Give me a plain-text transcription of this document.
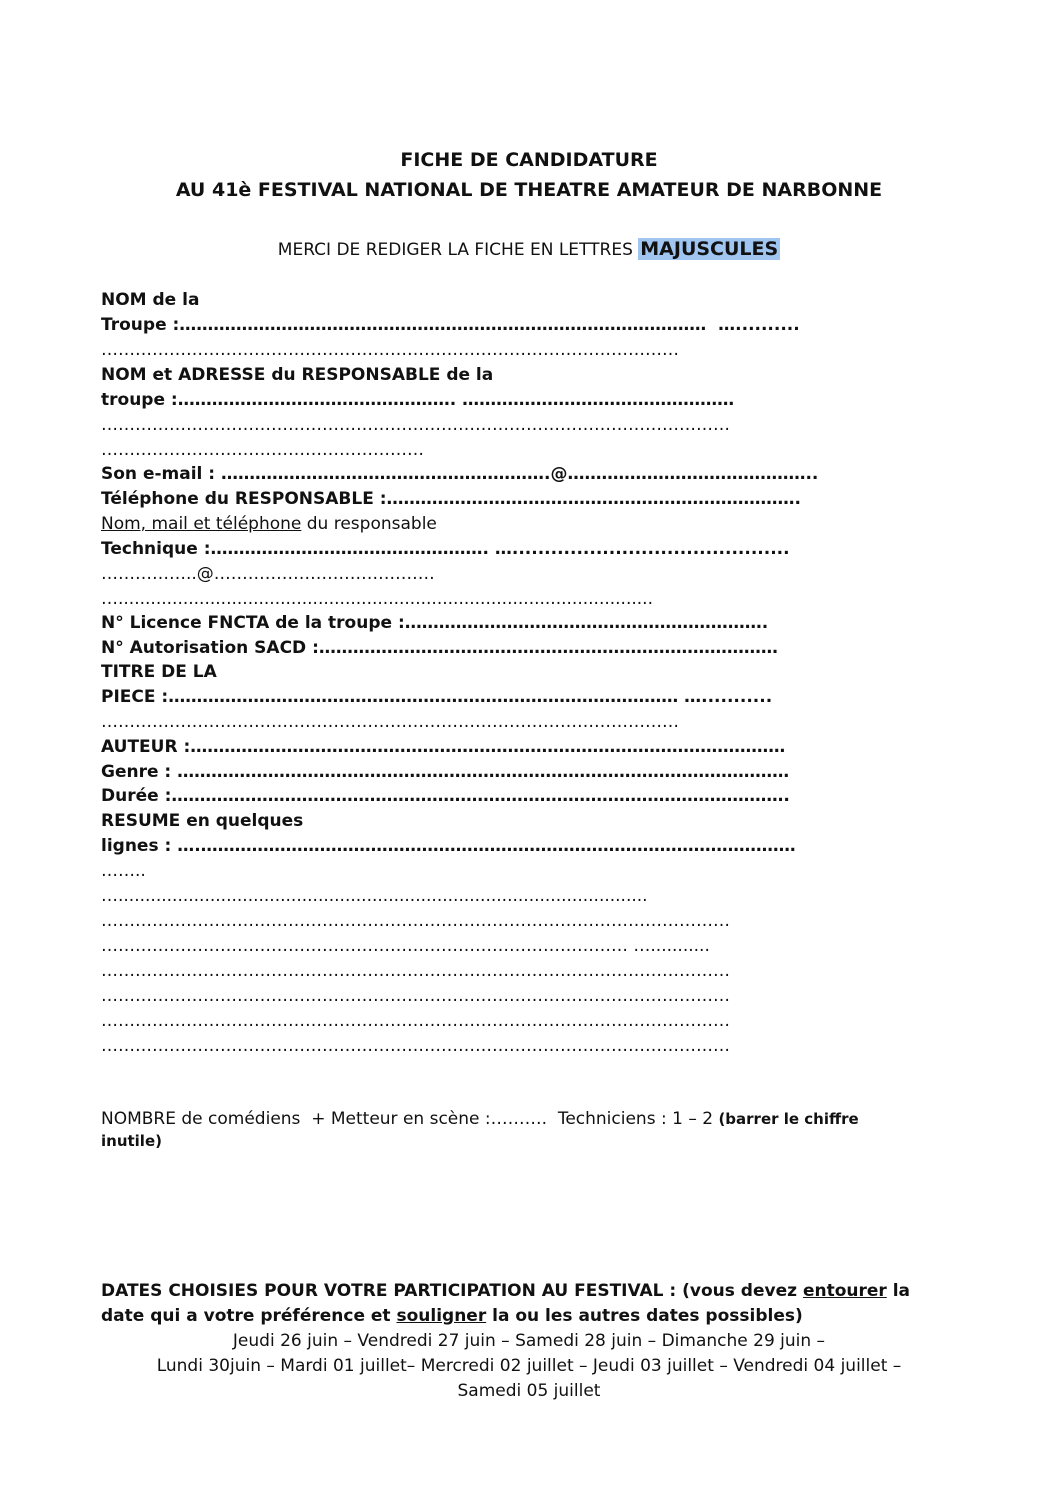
FICHE DE CANDIDATURE
AU 41è FESTIVAL NATIONAL DE THEATRE AMATEUR DE NARBONNE
MERCI DE REDIGER LA FICHE EN LETTRES MAJUSCULES
NOM de la
Troupe :…………………………………………………………………………………  …..........
…………………………………………………………………………………………
NOM et ADRESSE du RESPONSABLE de la
troupe :…………………………………………. …………………………………………
…………………………………………………………………………………………………
…………………………………………………
Son e-mail : ………………………………………………….@……………………………………..
Téléphone du RESPONSABLE :……………………………………………………………….
Nom, mail et téléphone du responsable
Technique :…………………………………………. …...........................................
……………..@…………………………………
…...................................................................................................
N° Licence FNCTA de la troupe :……………………………………………………….
N° Autorisation SACD :………………………………………………………………………
TITRE DE LA
PIECE :……………………………………………………………………………… …...........
…………………………………………………………………………………………
AUTEUR :……………………………………………………………………………………………
Genre : ………………………………………………………………………………………………
Durée :……………………………………………………………………………………………….
RESUME en quelques
lignes : ….……………………………………………………………………………………………
……..
…..................................................................................................
…………………………………………………………………………………………………
………………………………………………………………………………… …...........
…………………………………………………………………………………………………
…………………………………………………………………………………………………
…………………………………………………………………………………………………
…………………………………………………………………………………………………
NOMBRE de comédiens  + Metteur en scène :……….  Techniciens : 1 – 2 (barrer le chiffre
inutile)
DATES CHOISIES POUR VOTRE PARTICIPATION AU FESTIVAL : (vous devez entourer la
date qui a votre préférence et souligner la ou les autres dates possibles)
Jeudi 26 juin – Vendredi 27 juin – Samedi 28 juin – Dimanche 29 juin –
Lundi 30juin – Mardi 01 juillet– Mercredi 02 juillet – Jeudi 03 juillet – Vendredi 04 juillet –
Samedi 05 juillet
